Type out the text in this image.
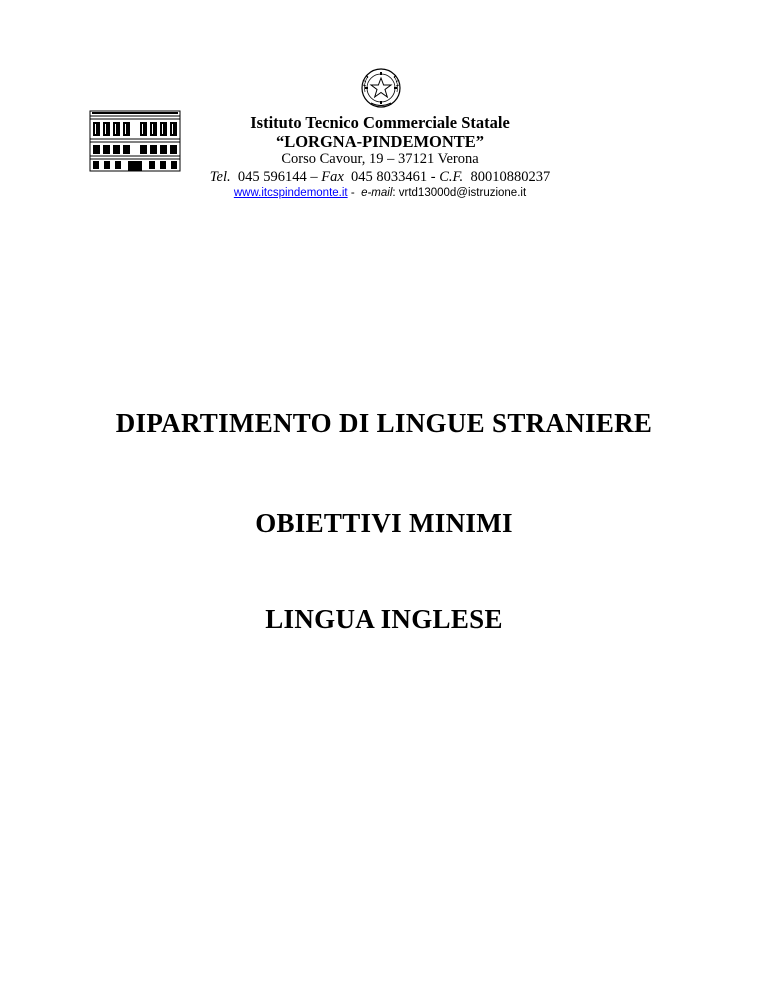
Istituto Tecnico Commerciale Statale

“LORGNA-PINDEMONTE”

Corso Cavour, 19 – 37121 Verona

Tel. 045 596144 – Fax 045 8033461 - C.F. 80010880237

www.itcspindemonte.it - e-mail: vrtd13000d@istruzione.it

DIPARTIMENTO DI LINGUE STRANIERE
OBIETTIVI MINIMI
LINGUA INGLESE
